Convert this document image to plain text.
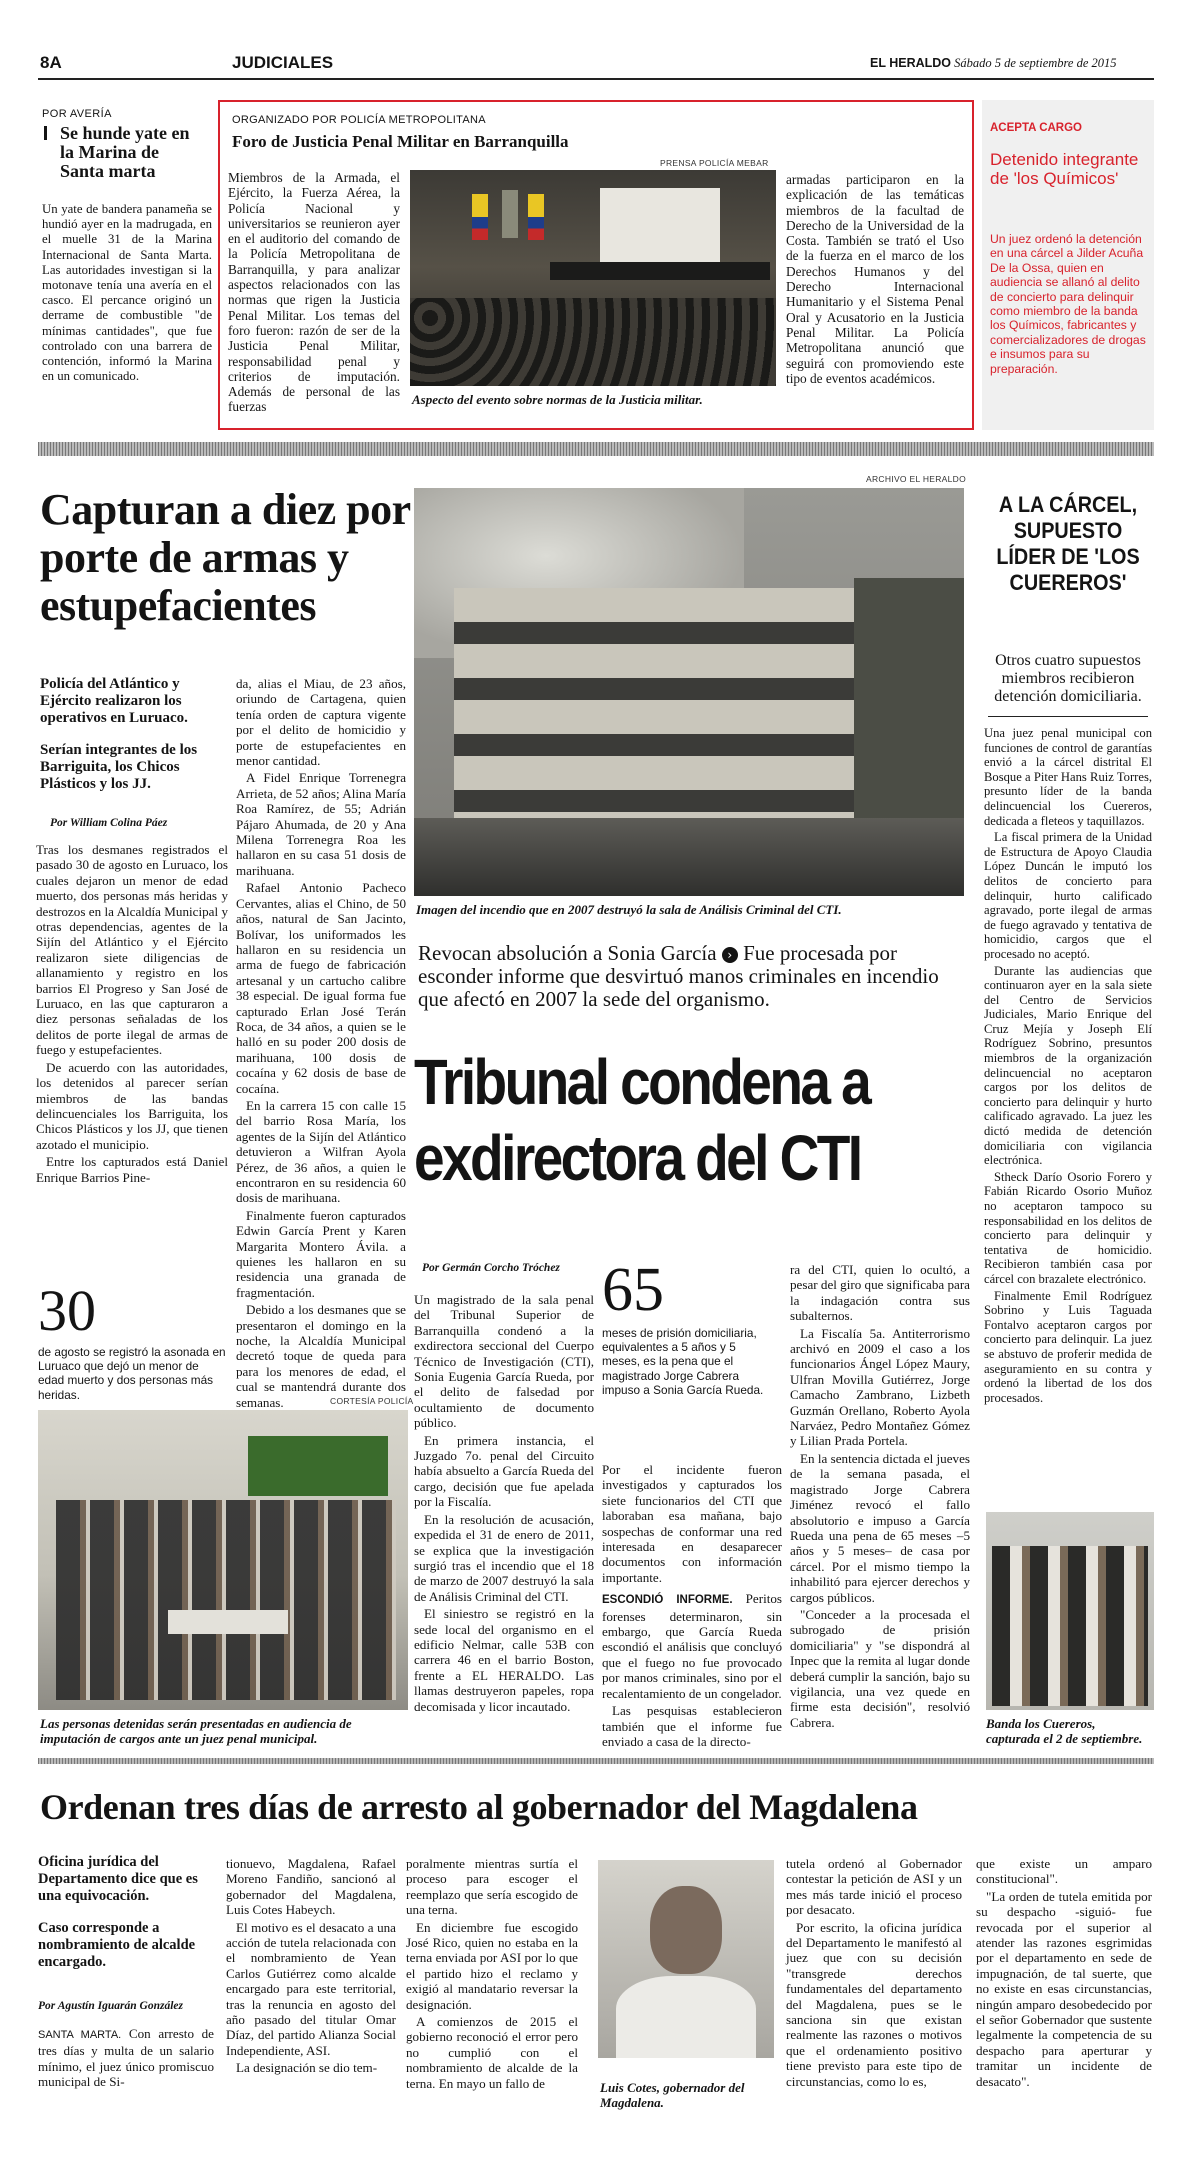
8A	JUDICIALES	EL HERALDO Sábado 5 de septiembre de 2015
POR AVERÍA
Se hunde yate en la Marina de Santa marta
Un yate de bandera panameña se hundió ayer en la madrugada, en el muelle 31 de la Marina Internacional de Santa Marta. Las autoridades investigan si la motonave tenía una avería en el casco. El percance originó un derrame de combustible "de mínimas cantidades", que fue controlado con una barrera de contención, informó la Marina en un comunicado.
ORGANIZADO POR POLICÍA METROPOLITANA
Foro de Justicia Penal Militar en Barranquilla
Miembros de la Armada, el Ejército, la Fuerza Aérea, la Policía Nacional y universitarios se reunieron ayer en el auditorio del comando de la Policía Metropolitana de Barranquilla, y para analizar aspectos relacionados con las normas que rigen la Justicia Penal Militar. Los temas del foro fueron: razón de ser de la Justicia Penal Militar, responsabilidad penal y criterios de imputación. Además de personal de las fuerzas
PRENSA POLICÍA MEBAR
Aspecto del evento sobre normas de la Justicia militar.
armadas participaron en la explicación de las temáticas miembros de la facultad de Derecho de la Universidad de la Costa. También se trató el Uso de la fuerza en el marco de los Derechos Humanos y del Derecho Internacional Humanitario y el Sistema Penal Oral y Acusatorio en la Justicia Penal Militar. La Policía Metropolitana anunció que seguirá con promoviendo este tipo de eventos académicos.
ACEPTA CARGO
Detenido integrante de 'los Químicos'
Un juez ordenó la detención en una cárcel a Jilder Acuña De la Ossa, quien en audiencia se allanó al delito de concierto para delinquir como miembro de la banda los Químicos, fabricantes y comercializadores de drogas e insumos para su preparación.
Capturan a diez por porte de armas y estupefacientes
Policía del Atlántico y Ejército realizaron los operativos en Luruaco.
Serían integrantes de los Barriguita, los Chicos Plásticos y los JJ.
Por William Colina Páez

Tras los desmanes registrados el pasado 30 de agosto en Luruaco, los cuales dejaron un menor de edad muerto, dos personas más heridas y destrozos en la Alcaldía Municipal y otras dependencias, agentes de la Sijín del Atlántico y el Ejército realizaron siete diligencias de allanamiento y registro en los barrios El Progreso y San José de Luruaco, en las que capturaron a diez personas señaladas de los delitos de porte ilegal de armas de fuego y estupefacientes.

De acuerdo con las autoridades, los detenidos al parecer serían miembros de las bandas delincuenciales los Barriguita, los Chicos Plásticos y los JJ, que tienen azotado el municipio.

Entre los capturados está Daniel Enrique Barrios Pine-

da, alias el Miau, de 23 años, oriundo de Cartagena, quien tenía orden de captura vigente por el delito de homicidio y porte de estupefacientes en menor cantidad.

A Fidel Enrique Torrenegra Arrieta, de 52 años; Alina María Roa Ramírez, de 55; Adrián Pájaro Ahumada, de 20 y Ana Milena Torrenegra Roa les hallaron en su casa 51 dosis de marihuana.

Rafael Antonio Pacheco Cervantes, alias el Chino, de 50 años, natural de San Jacinto, Bolívar, los uniformados les hallaron en su residencia un arma de fuego de fabricación artesanal y un cartucho calibre 38 especial. De igual forma fue capturado Erlan José Terán Roca, de 34 años, a quien se le halló en su poder 200 dosis de marihuana, 100 dosis de cocaína y 62 dosis de base de cocaína.

En la carrera 15 con calle 15 del barrio Rosa María, los agentes de la Sijín del Atlántico detuvieron a Wilfran Ayola Pérez, de 36 años, a quien le encontraron en su residencia 60 dosis de marihuana.

Finalmente fueron capturados Edwin García Prent y Karen Margarita Montero Ávila. a quienes les hallaron en su residencia una granada de fragmentación.

Debido a los desmanes que se presentaron el domingo en la noche, la Alcaldía Municipal decretó toque de queda para para los menores de edad, el cual se mantendrá durante dos semanas.

30
de agosto se registró la asonada en Luruaco que dejó un menor de edad muerto y dos personas más heridas.	CORTESÍA POLICÍA
Las personas detenidas serán presentadas en audiencia de imputación de cargos ante un juez penal municipal.
ARCHIVO EL HERALDO
Imagen del incendio que en 2007 destruyó la sala de Análisis Criminal del CTI.
Revocan absolución a Sonia García › Fue procesada por esconder informe que desvirtuó manos criminales en incendio que afectó en 2007 la sede del organismo.
Tribunal condena a exdirectora del CTI
Por Germán Corcho Tróchez

Un magistrado de la sala penal del Tribunal Superior de Barranquilla condenó a la exdirectora seccional del Cuerpo Técnico de Investigación (CTI), Sonia Eugenia García Rueda, por el delito de falsedad por ocultamiento de documento público.

En primera instancia, el Juzgado 7o. penal del Circuito había absuelto a García Rueda del cargo, decisión que fue apelada por la Fiscalía.

En la resolución de acusación, expedida el 31 de enero de 2011, se explica que la investigación surgió tras el incendio que el 18 de marzo de 2007 destruyó la sala de Análisis Criminal del CTI.

El siniestro se registró en la sede local del organismo en el edificio Nelmar, calle 53B con carrera 46 en el barrio Boston, frente a EL HERALDO. Las llamas destruyeron papeles, ropa decomisada y licor incautado.

65
meses de prisión domiciliaria, equivalentes a 5 años y 5 meses, es la pena que el magistrado Jorge Cabrera impuso a Sonia García Rueda.

Por el incidente fueron investigados y capturados los siete funcionarios del CTI que laboraban esa mañana, bajo sospechas de conformar una red interesada en desaparecer documentos con información importante.

ESCONDIÓ INFORME. Peritos forenses determinaron, sin embargo, que García Rueda escondió el análisis que concluyó que el fuego no fue provocado por manos criminales, sino por el recalentamiento de un congelador.

Las pesquisas establecieron también que el informe fue enviado a casa de la directo-

ra del CTI, quien lo ocultó, a pesar del giro que significaba para la indagación contra sus subalternos.

La Fiscalía 5a. Antiterrorismo archivó en 2009 el caso a los funcionarios Ángel López Maury, Ulfran Movilla Gutiérrez, Jorge Camacho Zambrano, Lizbeth Guzmán Orellano, Roberto Ayola Narváez, Pedro Montañez Gómez y Lilian Prada Portela.

En la sentencia dictada el jueves de la semana pasada, el magistrado Jorge Cabrera Jiménez revocó el fallo absolutorio e impuso a García Rueda una pena de 65 meses –5 años y 5 meses– de casa por cárcel. Por el mismo tiempo la inhabilitó para ejercer derechos y cargos públicos.

"Conceder a la procesada el subrogado de prisión domiciliaria" y "se dispondrá al Inpec que la remita al lugar donde deberá cumplir la sanción, bajo su vigilancia, una vez quede en firme esta decisión", resolvió Cabrera.

A LA CÁRCEL, SUPUESTO LÍDER DE 'LOS CUEREROS'
Otros cuatro supuestos miembros recibieron detención domiciliaria.

Una juez penal municipal con funciones de control de garantías envió a la cárcel distrital El Bosque a Piter Hans Ruiz Torres, presunto líder de la banda delincuencial los Cuereros, dedicada a fleteos y taquillazos.

La fiscal primera de la Unidad de Estructura de Apoyo Claudia López Duncán le imputó los delitos de concierto para delinquir, hurto calificado agravado, porte ilegal de armas de fuego agravado y tentativa de homicidio, cargos que el procesado no aceptó.

Durante las audiencias que continuaron ayer en la sala siete del Centro de Servicios Judiciales, Mario Enrique del Cruz Mejía y Joseph Elí Rodríguez Sobrino, presuntos miembros de la organización delincuencial no aceptaron cargos por los delitos de concierto para delinquir y hurto calificado agravado. La juez les dictó medida de detención domiciliaria con vigilancia electrónica.

Stheck Darío Osorio Forero y Fabián Ricardo Osorio Muñoz no aceptaron tampoco su responsabilidad en los delitos de concierto para delinquir y tentativa de homicidio. Recibieron también casa por cárcel con brazalete electrónico.

Finalmente Emil Rodríguez Sobrino y Luis Taguada Fontalvo aceptaron cargos por concierto para delinquir. La juez se abstuvo de proferir medida de aseguramiento en su contra y ordenó la libertad de los dos procesados.

Banda los Cuereros, capturada el 2 de septiembre.
Ordenan tres días de arresto al gobernador del Magdalena
Oficina jurídica del Departamento dice que es una equivocación.
Caso corresponde a nombramiento de alcalde encargado.
Por Agustín Iguarán González

SANTA MARTA. Con arresto de tres días y multa de un salario mínimo, el juez único promiscuo municipal de Si-

tionuevo, Magdalena, Rafael Moreno Fandiño, sancionó al gobernador del Magdalena, Luis Cotes Habeych.

El motivo es el desacato a una acción de tutela relacionada con el nombramiento de Yean Carlos Gutiérrez como alcalde encargado para este territorial, tras la renuncia en agosto del año pasado del titular Omar Díaz, del partido Alianza Social Independiente, ASI.

La designación se dio tem-

poralmente mientras surtía el proceso para escoger el reemplazo que sería escogido de una terna.

En diciembre fue escogido José Rico, quien no estaba en la terna enviada por ASI por lo que el partido hizo el reclamo y exigió al mandatario reversar la designación.

A comienzos de 2015 el gobierno reconoció el error pero no cumplió con el nombramiento de alcalde de la terna. En mayo un fallo de	Luis Cotes, gobernador del Magdalena.

tutela ordenó al Gobernador contestar la petición de ASI y un mes más tarde inició el proceso por desacato.

Por escrito, la oficina jurídica del Departamento le manifestó al juez que con su decisión "transgrede derechos fundamentales del departamento del Magdalena, pues se le sanciona sin que existan realmente las razones o motivos que el ordenamiento positivo tiene previsto para este tipo de circunstancias, como lo es,

que existe un amparo constitucional".

"La orden de tutela emitida por su despacho -siguió- fue revocada por el superior al atender las razones esgrimidas por el departamento en sede de impugnación, de tal suerte, que no existe en esas circunstancias, ningún amparo desobedecido por el señor Gobernador que sustente legalmente la competencia de su despacho para aperturar y tramitar un incidente de desacato".
